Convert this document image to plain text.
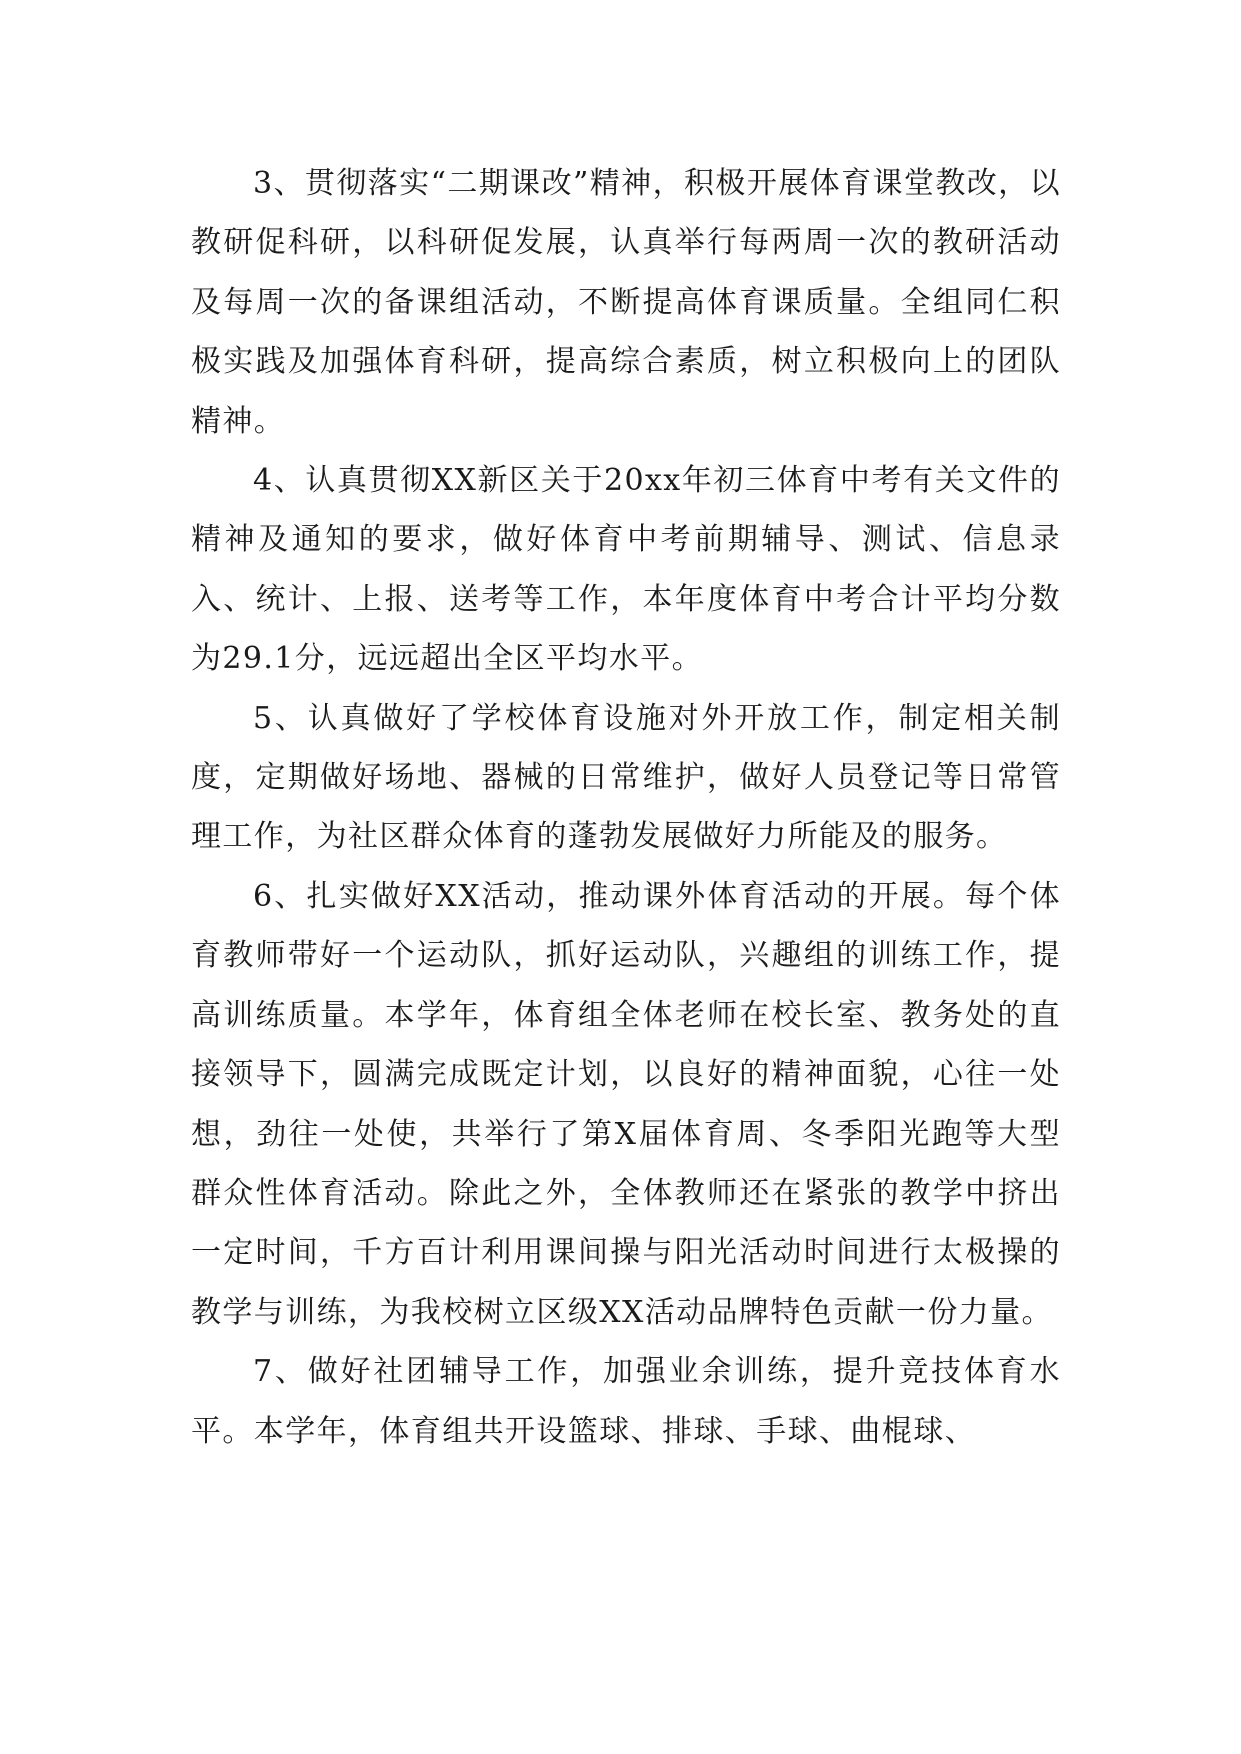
3、贯彻落实“二期课改”精神，积极开展体育课堂教改，以教研促科研，以科研促发展，认真举行每两周一次的教研活动及每周一次的备课组活动，不断提高体育课质量。全组同仁积极实践及加强体育科研，提高综合素质，树立积极向上的团队精神。

4、认真贯彻XX新区关于20xx年初三体育中考有关文件的精神及通知的要求，做好体育中考前期辅导、测试、信息录入、统计、上报、送考等工作，本年度体育中考合计平均分数为29.1分，远远超出全区平均水平。

5、认真做好了学校体育设施对外开放工作，制定相关制度，定期做好场地、器械的日常维护，做好人员登记等日常管理工作，为社区群众体育的蓬勃发展做好力所能及的服务。

6、扎实做好XX活动，推动课外体育活动的开展。每个体育教师带好一个运动队，抓好运动队，兴趣组的训练工作，提高训练质量。本学年，体育组全体老师在校长室、教务处的直接领导下，圆满完成既定计划，以良好的精神面貌，心往一处想，劲往一处使，共举行了第X届体育周、冬季阳光跑等大型群众性体育活动。除此之外，全体教师还在紧张的教学中挤出一定时间，千方百计利用课间操与阳光活动时间进行太极操的教学与训练，为我校树立区级XX活动品牌特色贡献一份力量。

7、做好社团辅导工作，加强业余训练，提升竞技体育水平。本学年，体育组共开设篮球、排球、手球、曲棍球、
